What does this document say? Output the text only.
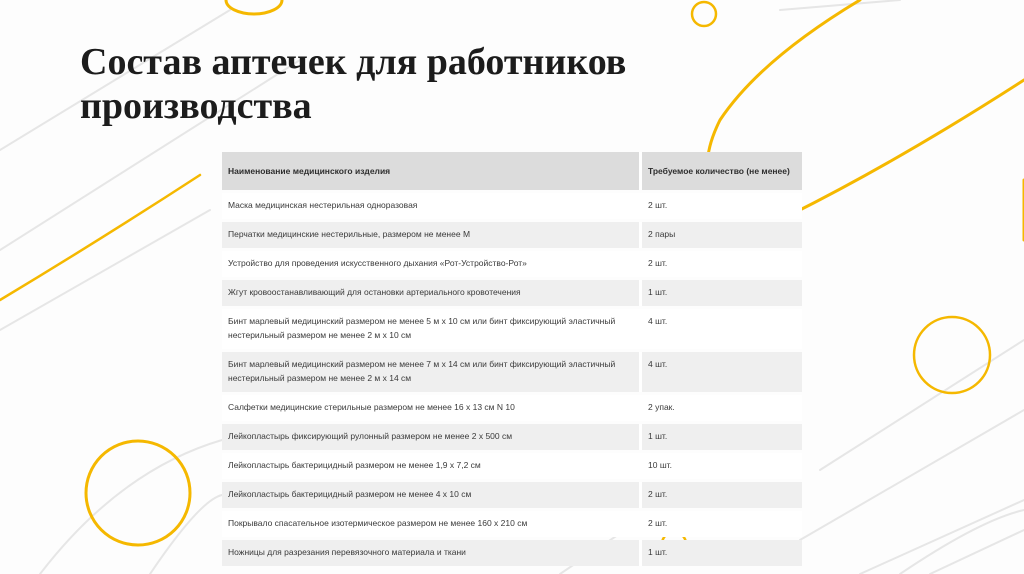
Состав аптечек для работников производства
Наименование медицинского изделия	Требуемое количество (не менее)
Маска медицинская нестерильная одноразовая	2 шт.
Перчатки медицинские нестерильные, размером не менее M	2 пары
Устройство для проведения искусственного дыхания «Рот-Устройство-Рот»	2 шт.
Жгут кровоостанавливающий для остановки артериального кровотечения	1 шт.
Бинт марлевый медицинский размером не менее 5 м х 10 см или бинт фиксирующий эластичный нестерильный размером не менее 2 м х 10 см	4 шт.
Бинт марлевый медицинский размером не менее 7 м х 14 см или бинт фиксирующий эластичный нестерильный размером не менее 2 м х 14 см	4 шт.
Салфетки медицинские стерильные размером не менее 16 х 13 см N 10	2 упак.
Лейкопластырь фиксирующий рулонный размером не менее 2 х 500 см	1 шт.
Лейкопластырь бактерицидный размером не менее 1,9 х 7,2 см	10 шт.
Лейкопластырь бактерицидный размером не менее 4 х 10 см	2 шт.
Покрывало спасательное изотермическое размером не менее 160 х 210 см	2 шт.
Ножницы для разрезания перевязочного материала и ткани	1 шт.
